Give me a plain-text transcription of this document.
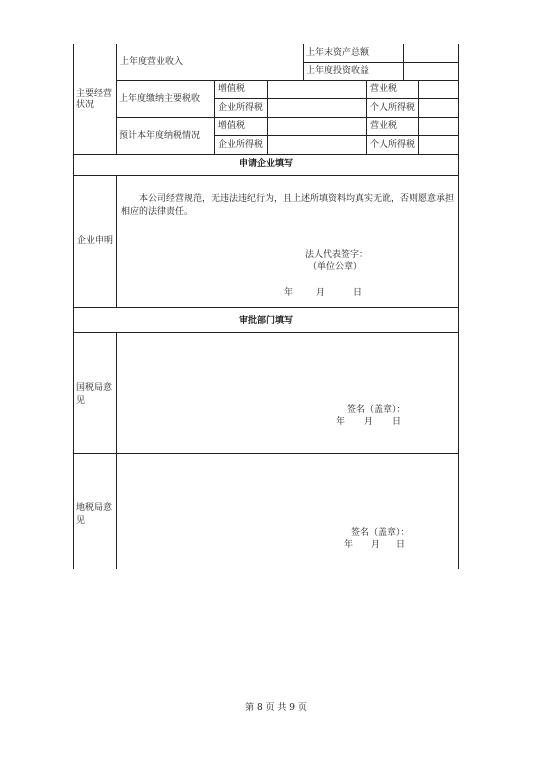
主要经营状况
上年度营业收入
上年末资产总额
上年度投资收益
上年度缴纳主要税收
增值税
企业所得税
营业税
个人所得税
预计本年度纳税情况
增值税
企业所得税
营业税
个人所得税
申请企业填写
企业申明
本公司经营规范，无违法违纪行为，且上述所填资料均真实无讹，否则愿意承担相应的法律责任。
法人代表签字：
（单位公章）
年	月	日
审批部门填写
国税局意见
签名（盖章）：
年 月 日
地税局意见
签名（盖章）：
年 月 日
第 8 页 共 9 页
